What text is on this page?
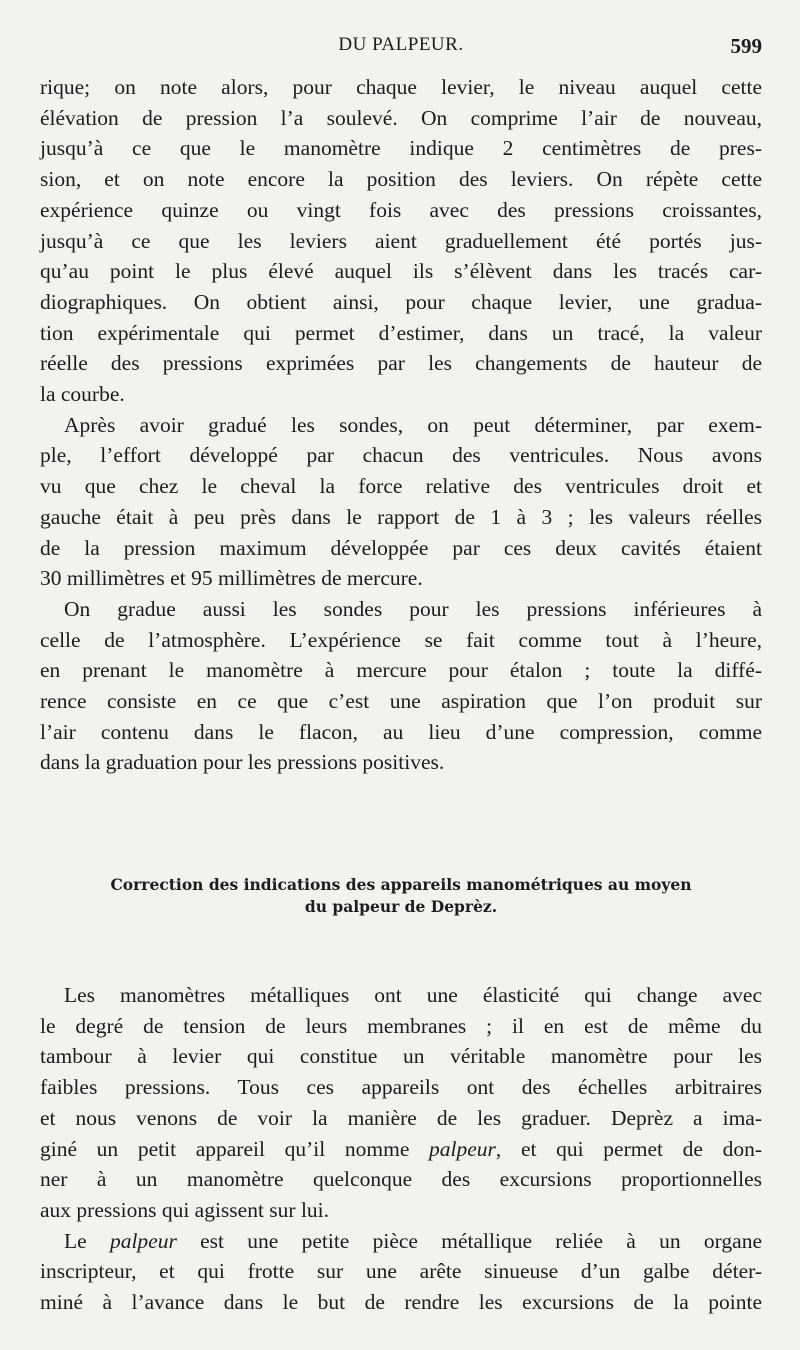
DU PALPEUR.	599

rique; on note alors, pour chaque levier, le niveau auquel cette
élévation de pression l’a soulevé. On comprime l’air de nouveau,
jusqu’à ce que le manomètre indique 2 centimètres de pres-
sion, et on note encore la position des leviers. On répète cette
expérience quinze ou vingt fois avec des pressions croissantes,
jusqu’à ce que les leviers aient graduellement été portés jus-
qu’au point le plus élevé auquel ils s’élèvent dans les tracés car-
diographiques. On obtient ainsi, pour chaque levier, une gradua-
tion expérimentale qui permet d’estimer, dans un tracé, la valeur
réelle des pressions exprimées par les changements de hauteur de
la courbe.

Après avoir gradué les sondes, on peut déterminer, par exem-
ple, l’effort développé par chacun des ventricules. Nous avons
vu que chez le cheval la force relative des ventricules droit et
gauche était à peu près dans le rapport de 1 à 3 ; les valeurs réelles
de la pression maximum développée par ces deux cavités étaient
30 millimètres et 95 millimètres de mercure.

On gradue aussi les sondes pour les pressions inférieures à
celle de l’atmosphère. L’expérience se fait comme tout à l’heure,
en prenant le manomètre à mercure pour étalon ; toute la diffé-
rence consiste en ce que c’est une aspiration que l’on produit sur
l’air contenu dans le flacon, au lieu d’une compression, comme
dans la graduation pour les pressions positives.

Correction des indications des appareils manométriques au moyen
du palpeur de Deprèz.

Les manomètres métalliques ont une élasticité qui change avec
le degré de tension de leurs membranes ; il en est de même du
tambour à levier qui constitue un véritable manomètre pour les
faibles pressions. Tous ces appareils ont des échelles arbitraires
et nous venons de voir la manière de les graduer. Deprèz a ima-
giné un petit appareil qu’il nomme palpeur, et qui permet de don-
ner à un manomètre quelconque des excursions proportionnelles
aux pressions qui agissent sur lui.

Le palpeur est une petite pièce métallique reliée à un organe
inscripteur, et qui frotte sur une arête sinueuse d’un galbe déter-
miné à l’avance dans le but de rendre les excursions de la pointe
